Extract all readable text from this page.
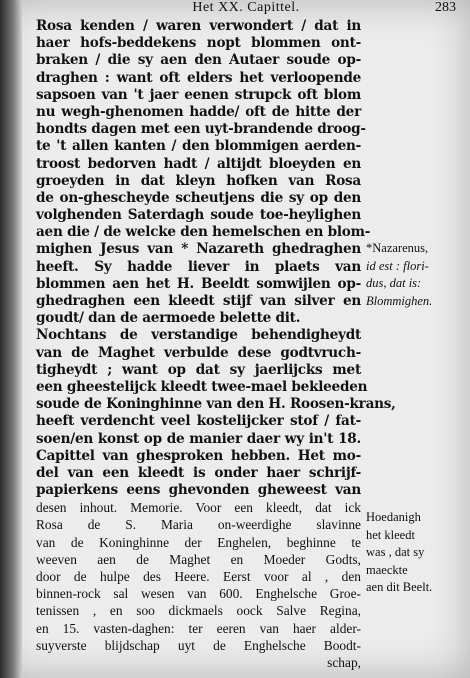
Het XX. Capittel.	283
Rosa kenden / waren verwondert / dat in
haer hofs-beddekens nopt blommen ont-
braken / die sy aen den Autaer soude op-
draghen : want oft elders het verloopende
sapsoen van 't jaer eenen strupck oft blom
nu wegh-ghenomen hadde/ oft de hitte der
hondts dagen met een uyt-brandende droog-
te 't allen kanten / den blommigen aerden-
troost bedorven hadt / altijdt bloeyden en
groeyden in dat kleyn hofken van Rosa
de on-ghescheyde scheutjens die sy op den
volghenden Saterdagh soude toe-heylighen
aen die / de welcke den hemelschen en blom-
mighen Jesus van * Nazareth ghedraghen
heeft. Sy hadde liever in plaets van
blommen aen het H. Beeldt somwijlen op-
ghedraghen een kleedt stijf van silver en
goudt/ dan de aermoede belette dit.
Nochtans de verstandige behendigheydt
van de Maghet verbulde dese godtvruch-
tigheydt ; want op dat sy jaerlijcks met
een gheestelijck kleedt twee-mael bekleeden
soude de Koninghinne van den H. Roosen-krans,
heeft verdencht veel kostelijcker stof / fat-
soen/en konst op de manier daer wy in't 18.
Capittel van ghesproken hebben. Het mo-
del van een kleedt is onder haer schrijf-
papierkens eens ghevonden gheweest van
desen inhout. Memorie. Voor een kleedt, dat ick
Rosa de S. Maria on-weerdighe slavinne
van de Koninghinne der Enghelen, beghinne te
weeven aen de Maghet en Moeder Godts,
door de hulpe des Heere. Eerst voor al , den
binnen-rock sal wesen van 600. Enghelsche Groe-
tenissen , en soo dickmaels oock Salve Regina,
en 15. vasten-daghen: ter eeren van haer alder-
suyverste blijdschap uyt de Enghelsche Boodt-
schap,
*Nazarenus,
id est : flori-
dus, dat is:
Blommighen.
Hoedanigh
het kleedt
was , dat sy
maeckte
aen dit Beelt.
